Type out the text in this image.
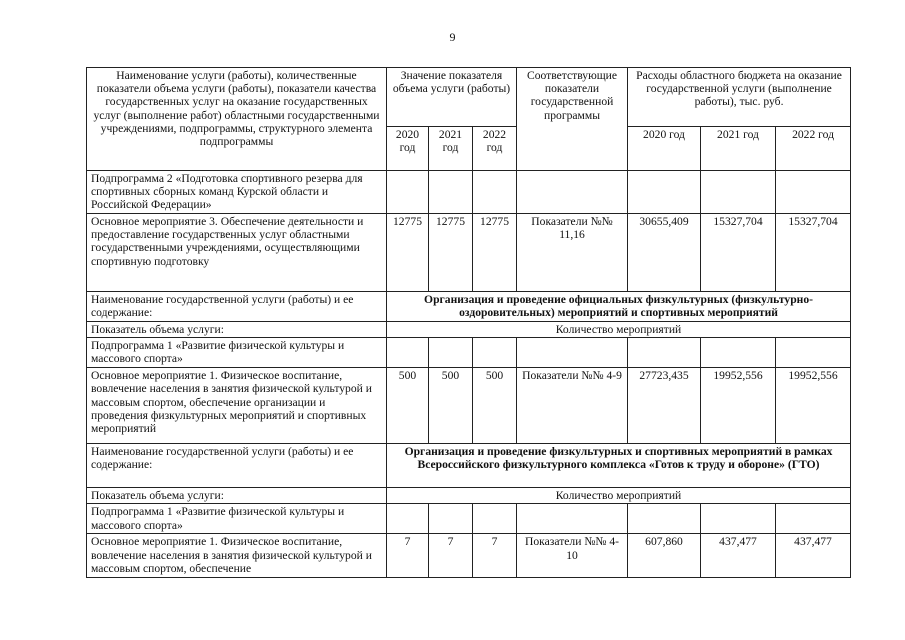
9
Наименование услуги (работы), количественные показатели объема услуги (работы), показатели качества государственных услуг на оказание государственных услуг (выполнение работ) областными государственными учреждениями, подпрограммы, структурного элемента подпрограммы	Значение показателя объема услуги (работы)			Соответствующие показатели государственной программы	Расходы областного бюджета на оказание государственной услуги (выполнение работы), тыс. руб.		
	2020 год	2021 год	2022 год		2020 год	2021 год	2022 год
Подпрограмма 2 «Подготовка спортивного резерва для спортивных сборных команд Курской области и Российской Федерации»							
Основное мероприятие 3. Обеспечение деятельности и предоставление государственных услуг областными государственными учреждениями, осуществляющими спортивную подготовку	12775	12775	12775	Показатели №№ 11,16	30655,409	15327,704	15327,704
Наименование государственной услуги (работы) и ее содержание:	Организация и проведение официальных физкультурных (физкультурно-оздоровительных) мероприятий и спортивных мероприятий						
Показатель объема услуги:	Количество мероприятий						
Подпрограмма 1 «Развитие физической культуры и массового спорта»							
Основное мероприятие 1. Физическое воспитание, вовлечение населения в занятия физической культурой и массовым спортом, обеспечение организации и проведения физкультурных мероприятий и спортивных мероприятий	500	500	500	Показатели №№ 4-9	27723,435	19952,556	19952,556
Наименование государственной услуги (работы) и ее содержание:	Организация и проведение физкультурных и спортивных мероприятий в рамках Всероссийского физкультурного комплекса «Готов к труду и обороне» (ГТО)						
Показатель объема услуги:	Количество мероприятий						
Подпрограмма 1 «Развитие физической культуры и массового спорта»							
Основное мероприятие 1. Физическое воспитание, вовлечение населения в занятия физической культурой и массовым спортом, обеспечение	7	7	7	Показатели №№ 4-10	607,860	437,477	437,477
